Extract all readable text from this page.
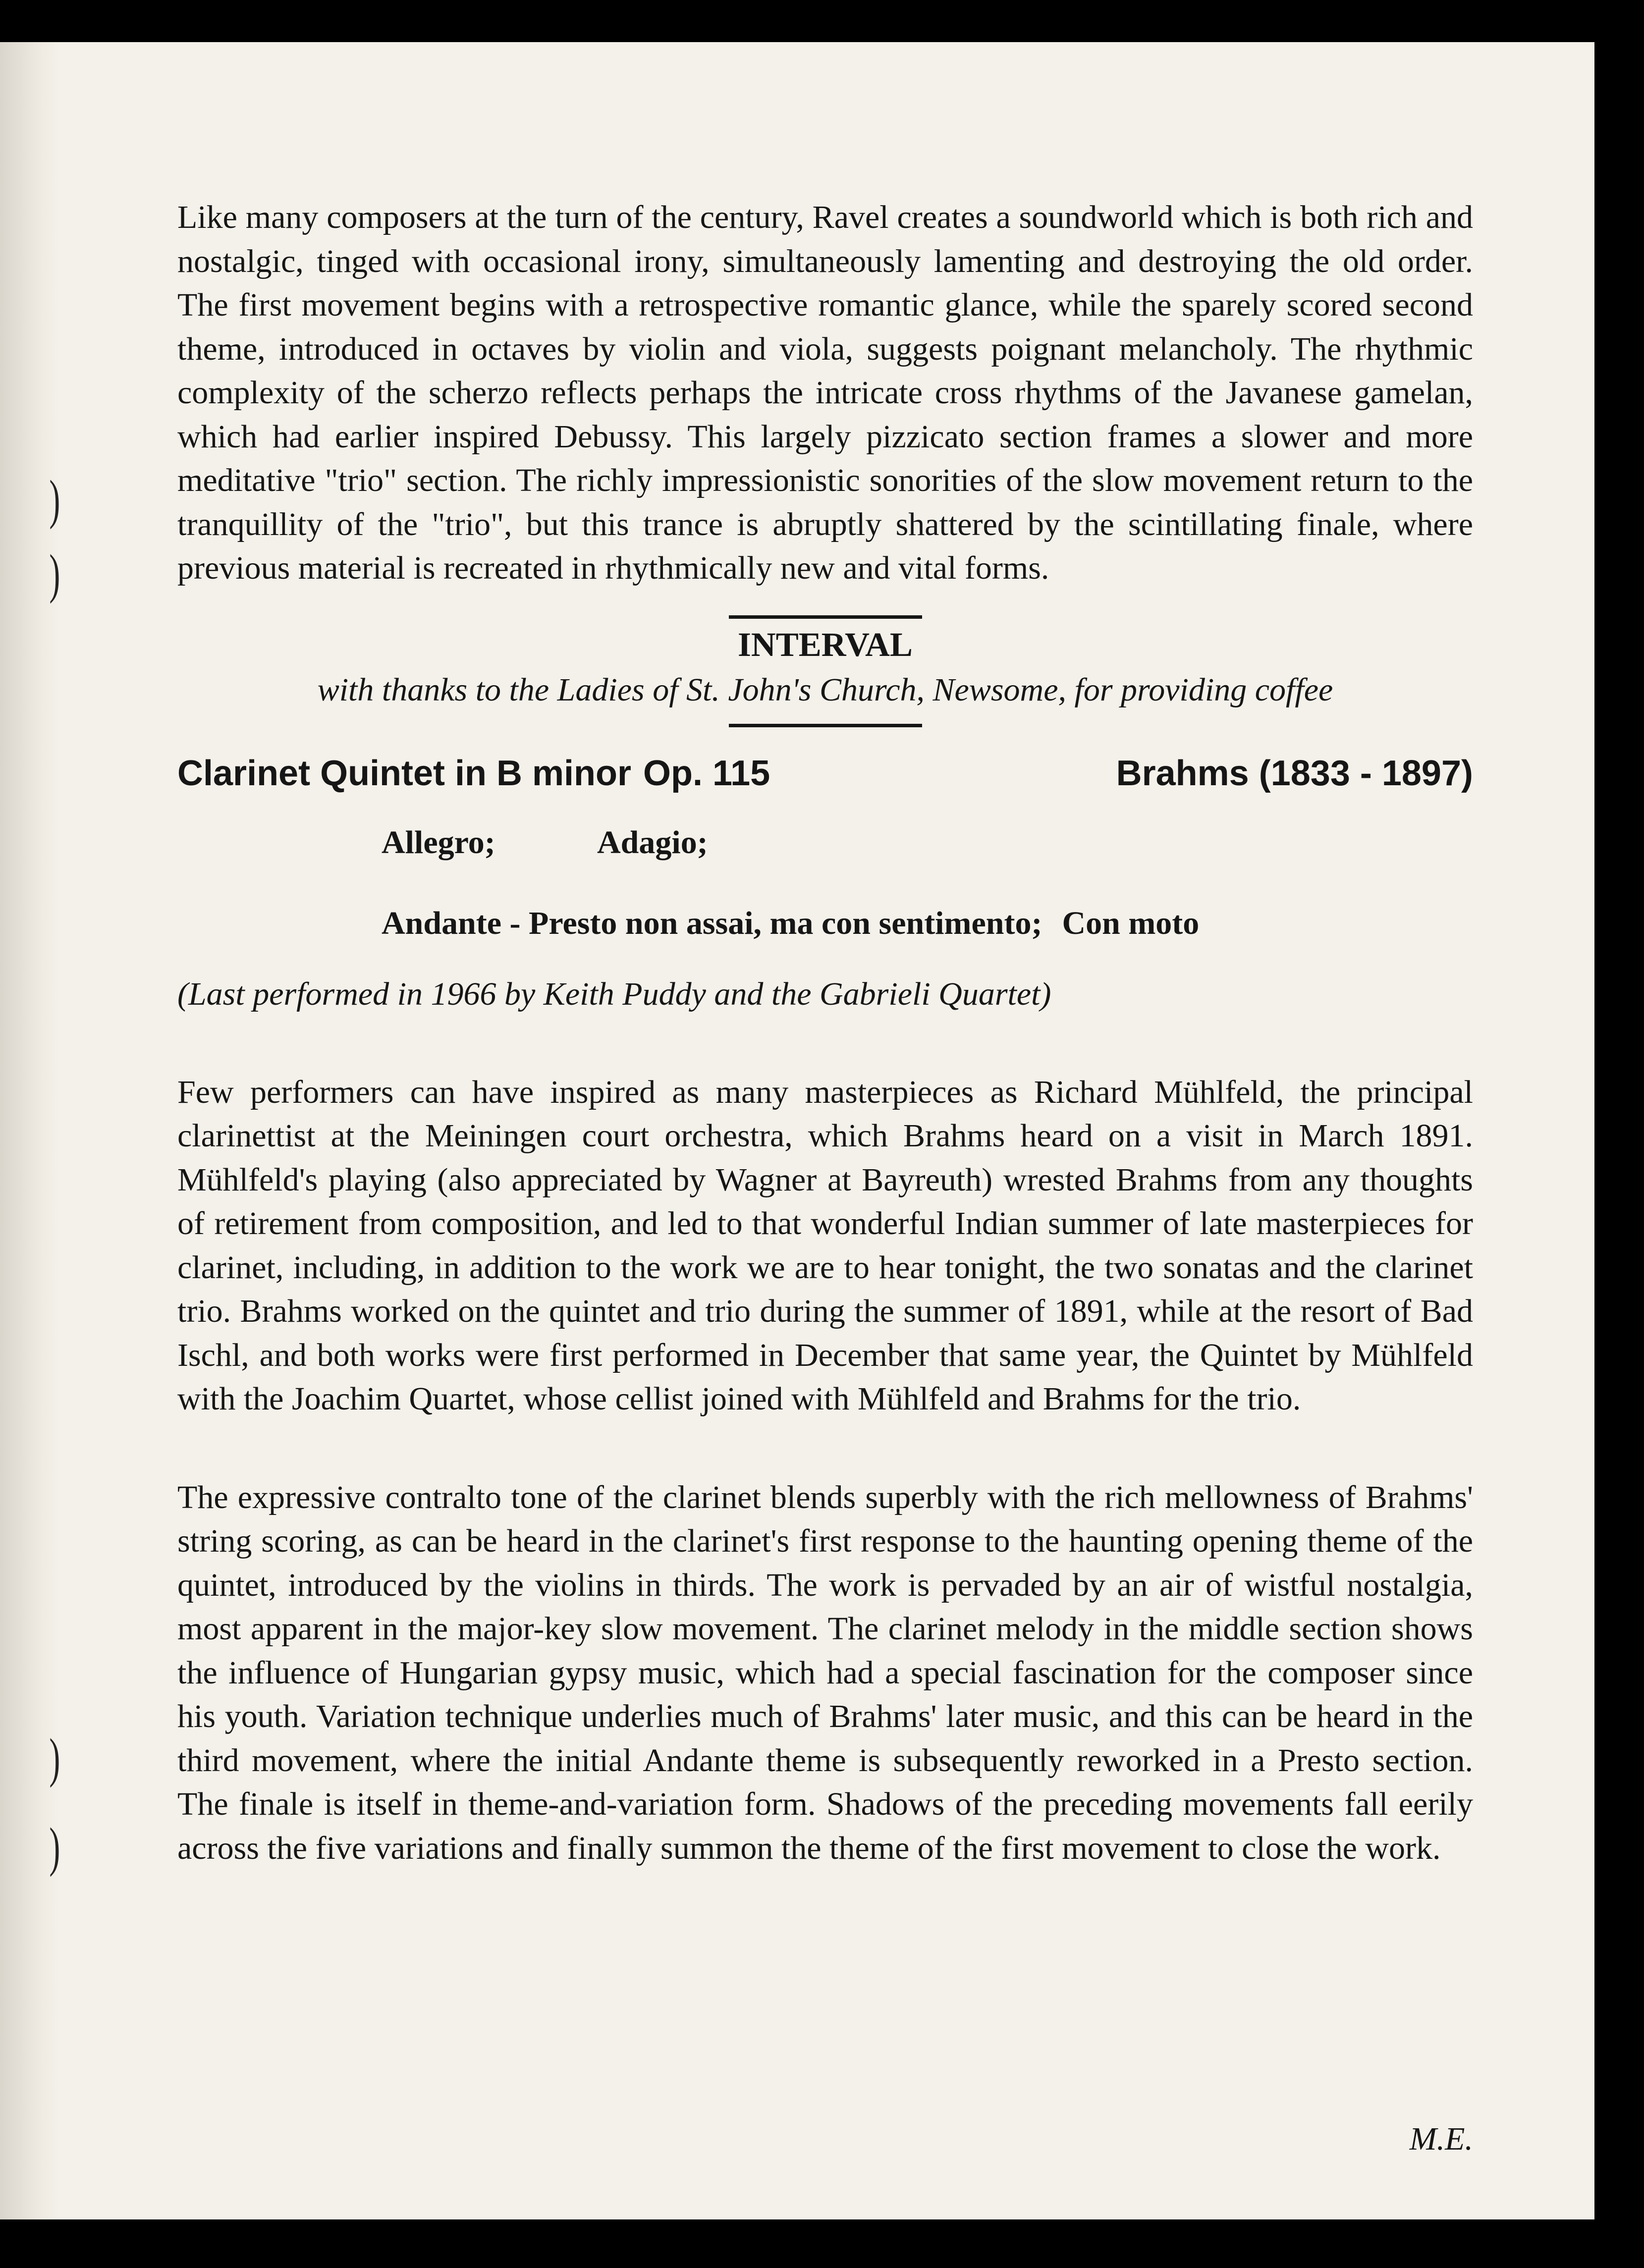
)
)
)
)

Like many composers at the turn of the century, Ravel creates a soundworld which is both rich and nostalgic, tinged with occasional irony, simultaneously lamenting and destroying the old order. The first movement begins with a retrospective romantic glance, while the sparely scored second theme, introduced in octaves by violin and viola, suggests poignant melancholy. The rhythmic complexity of the scherzo reflects perhaps the intricate cross rhythms of the Javanese gamelan, which had earlier inspired Debussy. This largely pizzicato section frames a slower and more meditative "trio" section. The richly impressionistic sonorities of the slow movement return to the tranquillity of the "trio", but this trance is abruptly shattered by the scintillating finale, where previous material is recreated in rhythmically new and vital forms.

INTERVAL
with thanks to the Ladies of St. John's Church, Newsome, for providing coffee
Clarinet Quintet in B minor Op. 115	Brahms (1833 - 1897)
Allegro;	Adagio;
Andante - Presto non assai, ma con sentimento; Con moto
(Last performed in 1966 by Keith Puddy and the Gabrieli Quartet)

Few performers can have inspired as many masterpieces as Richard Mühlfeld, the principal clarinettist at the Meiningen court orchestra, which Brahms heard on a visit in March 1891. Mühlfeld's playing (also appreciated by Wagner at Bayreuth) wrested Brahms from any thoughts of retirement from composition, and led to that wonderful Indian summer of late masterpieces for clarinet, including, in addition to the work we are to hear tonight, the two sonatas and the clarinet trio. Brahms worked on the quintet and trio during the summer of 1891, while at the resort of Bad Ischl, and both works were first performed in December that same year, the Quintet by Mühlfeld with the Joachim Quartet, whose cellist joined with Mühlfeld and Brahms for the trio.

The expressive contralto tone of the clarinet blends superbly with the rich mellowness of Brahms' string scoring, as can be heard in the clarinet's first response to the haunting opening theme of the quintet, introduced by the violins in thirds. The work is pervaded by an air of wistful nostalgia, most apparent in the major-key slow movement. The clarinet melody in the middle section shows the influence of Hungarian gypsy music, which had a special fascination for the composer since his youth. Variation technique underlies much of Brahms' later music, and this can be heard in the third movement, where the initial Andante theme is subsequently reworked in a Presto section. The finale is itself in theme-and-variation form. Shadows of the preceding movements fall eerily across the five variations and finally summon the theme of the first movement to close the work.

M.E.
